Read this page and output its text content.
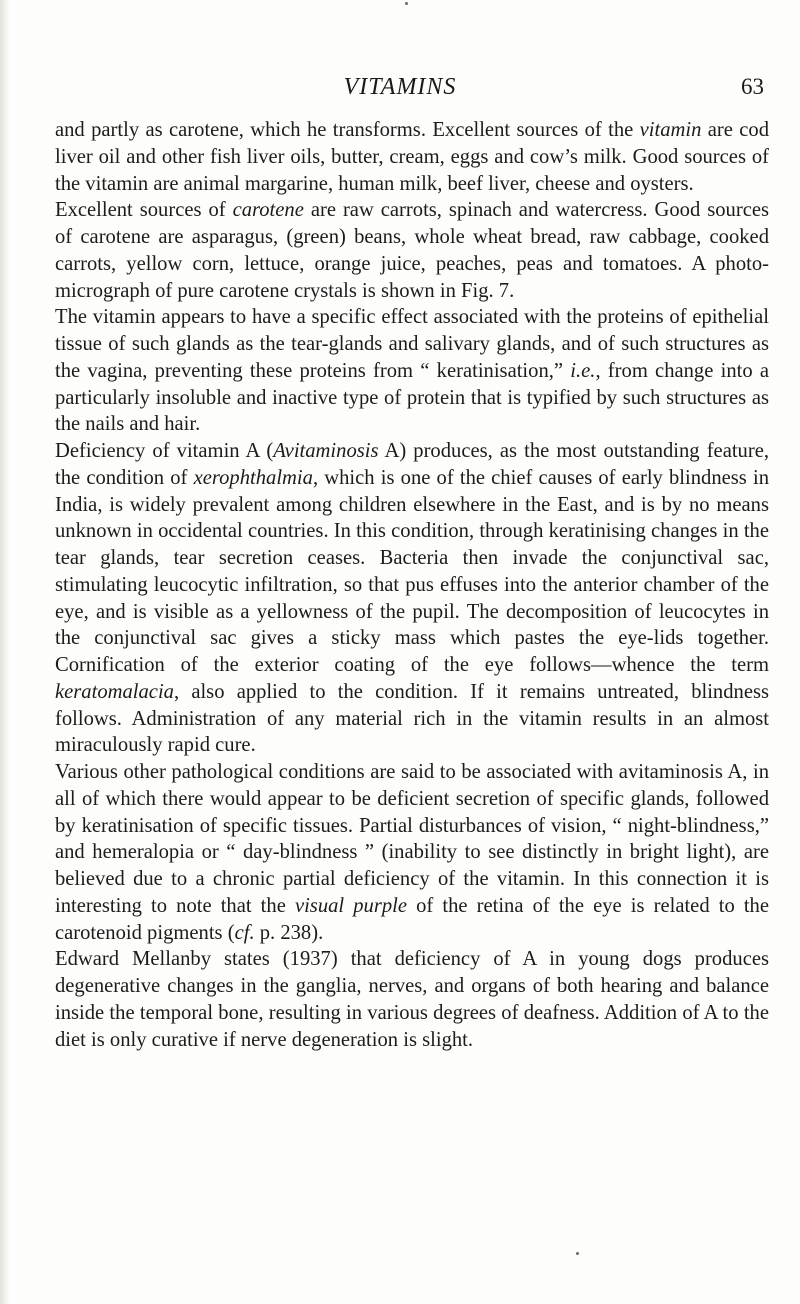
VITAMINS	63

and partly as carotene, which he transforms. Excellent sources of the vitamin are cod liver oil and other fish liver oils, butter, cream, eggs and cow’s milk. Good sources of the vitamin are animal margarine, human milk, beef liver, cheese and oysters.

Excellent sources of carotene are raw carrots, spinach and watercress. Good sources of carotene are asparagus, (green) beans, whole wheat bread, raw cabbage, cooked carrots, yellow corn, lettuce, orange juice, peaches, peas and tomatoes. A photo-micrograph of pure carotene crystals is shown in Fig. 7.

The vitamin appears to have a specific effect associated with the proteins of epithelial tissue of such glands as the tear-glands and salivary glands, and of such structures as the vagina, preventing these proteins from “ keratinisation,” i.e., from change into a particularly insoluble and inactive type of protein that is typified by such structures as the nails and hair.

Deficiency of vitamin A (Avitaminosis A) produces, as the most outstanding feature, the condition of xerophthalmia, which is one of the chief causes of early blindness in India, is widely prevalent among children elsewhere in the East, and is by no means unknown in occidental countries. In this condition, through keratinising changes in the tear glands, tear secretion ceases. Bacteria then invade the conjunctival sac, stimulating leucocytic infiltration, so that pus effuses into the anterior chamber of the eye, and is visible as a yellowness of the pupil. The decomposition of leucocytes in the conjunctival sac gives a sticky mass which pastes the eye-lids together. Cornification of the exterior coating of the eye follows—whence the term keratomalacia, also applied to the condition. If it remains untreated, blindness follows. Administration of any material rich in the vitamin results in an almost miraculously rapid cure.

Various other pathological conditions are said to be associated with avitaminosis A, in all of which there would appear to be deficient secretion of specific glands, followed by keratinisation of specific tissues. Partial disturbances of vision, “ night-blindness,” and hemeralopia or “ day-blindness ” (inability to see distinctly in bright light), are believed due to a chronic partial deficiency of the vitamin. In this connection it is interesting to note that the visual purple of the retina of the eye is related to the carotenoid pigments (cf. p. 238).

Edward Mellanby states (1937) that deficiency of A in young dogs produces degenerative changes in the ganglia, nerves, and organs of both hearing and balance inside the temporal bone, resulting in various degrees of deafness. Addition of A to the diet is only curative if nerve degeneration is slight.
